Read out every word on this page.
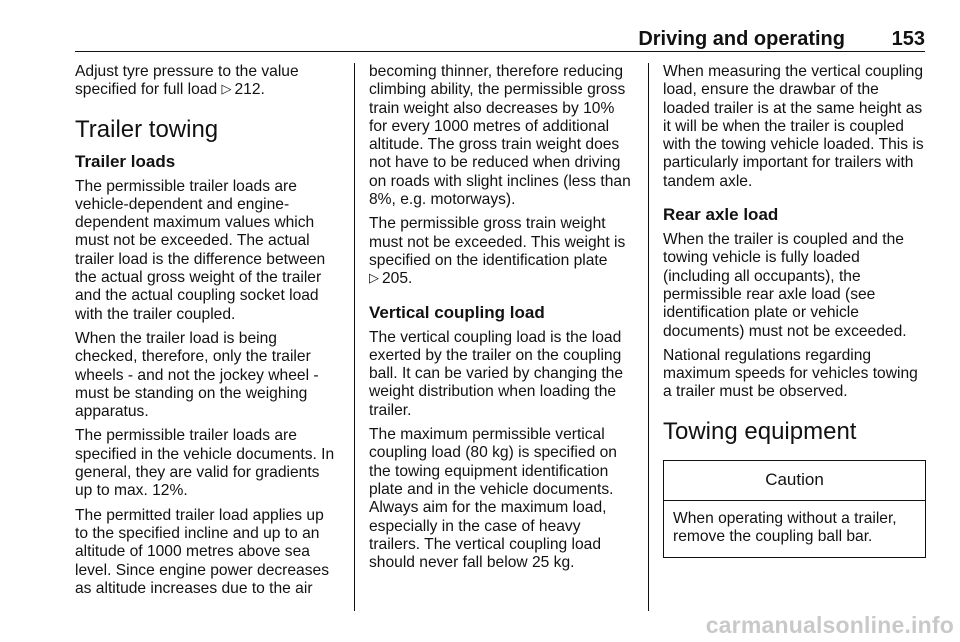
Driving and operating 153

Adjust tyre pressure to the value
specified for full load ▷ 212.

Trailer towing
Trailer loads

The permissible trailer loads are
vehicle-dependent and engine-
dependent maximum values which
must not be exceeded. The actual
trailer load is the difference between
the actual gross weight of the trailer
and the actual coupling socket load
with the trailer coupled.

When the trailer load is being
checked, therefore, only the trailer
wheels - and not the jockey wheel -
must be standing on the weighing
apparatus.

The permissible trailer loads are
specified in the vehicle documents. In
general, they are valid for gradients
up to max. 12%.

The permitted trailer load applies up
to the specified incline and up to an
altitude of 1000 metres above sea
level. Since engine power decreases
as altitude increases due to the air

becoming thinner, therefore reducing
climbing ability, the permissible gross
train weight also decreases by 10%
for every 1000 metres of additional
altitude. The gross train weight does
not have to be reduced when driving
on roads with slight inclines (less than
8%, e.g. motorways).

The permissible gross train weight
must not be exceeded. This weight is
specified on the identification plate
▷ 205.

Vertical coupling load

The vertical coupling load is the load
exerted by the trailer on the coupling
ball. It can be varied by changing the
weight distribution when loading the
trailer.

The maximum permissible vertical
coupling load (80 kg) is specified on
the towing equipment identification
plate and in the vehicle documents.
Always aim for the maximum load,
especially in the case of heavy
trailers. The vertical coupling load
should never fall below 25 kg.

When measuring the vertical coupling
load, ensure the drawbar of the
loaded trailer is at the same height as
it will be when the trailer is coupled
with the towing vehicle loaded. This is
particularly important for trailers with
tandem axle.

Rear axle load

When the trailer is coupled and the
towing vehicle is fully loaded
(including all occupants), the
permissible rear axle load (see
identification plate or vehicle
documents) must not be exceeded.

National regulations regarding
maximum speeds for vehicles towing
a trailer must be observed.

Towing equipment
Caution
When operating without a trailer,
remove the coupling ball bar.
carmanualsonline.info
